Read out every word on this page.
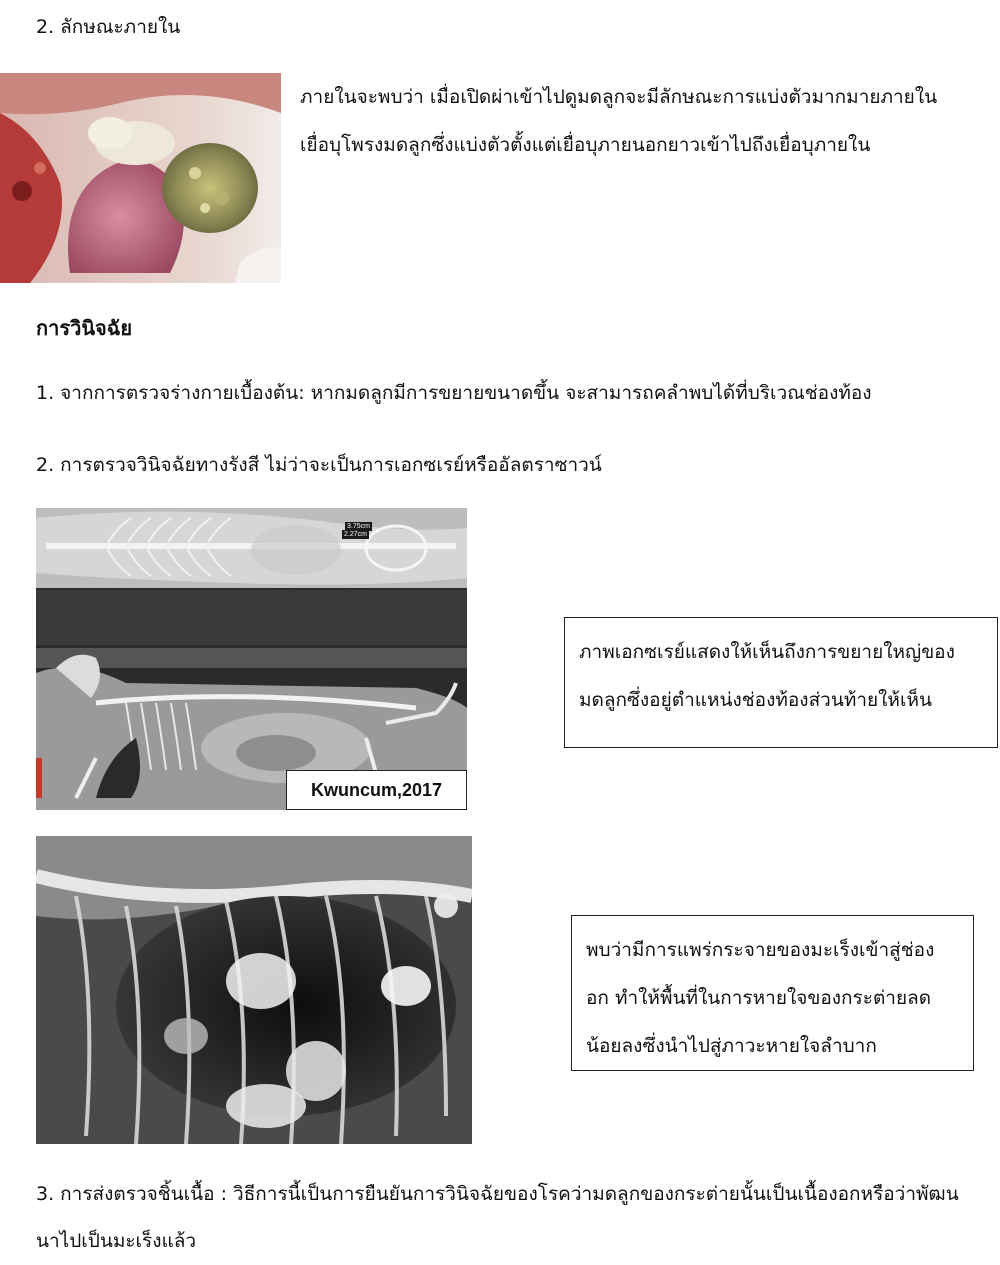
2. ลักษณะภายใน
ภายในจะพบว่า เมื่อเปิดผ่าเข้าไปดูมดลูกจะมีลักษณะการแบ่งตัวมากมายภายใน
เยื่อบุโพรงมดลูกซึ่งแบ่งตัวตั้งแต่เยื่อบุภายนอกยาวเข้าไปถึงเยื่อบุภายใน
การวินิจฉัย
1. จากการตรวจร่างกายเบื้องต้น: หากมดลูกมีการขยายขนาดขึ้น จะสามารถคลำพบได้ที่บริเวณช่องท้อง
2. การตรวจวินิจฉัยทางรังสี ไม่ว่าจะเป็นการเอกซเรย์หรืออัลตราซาวน์
3.75cm
2.27cm
Kwuncum,2017
ภาพเอกซเรย์แสดงให้เห็นถึงการขยายใหญ่ของ
มดลูกซึ่งอยู่ตำแหน่งช่องท้องส่วนท้ายให้เห็น
พบว่ามีการแพร่กระจายของมะเร็งเข้าสู่ช่อง
อก ทำให้พื้นที่ในการหายใจของกระต่ายลด
น้อยลงซึ่งนำไปสู่ภาวะหายใจลำบาก
3. การส่งตรวจชิ้นเนื้อ : วิธีการนี้เป็นการยืนยันการวินิจฉัยของโรคว่ามดลูกของกระต่ายนั้นเป็นเนื้องอกหรือว่าพัฒน
นาไปเป็นมะเร็งแล้ว
